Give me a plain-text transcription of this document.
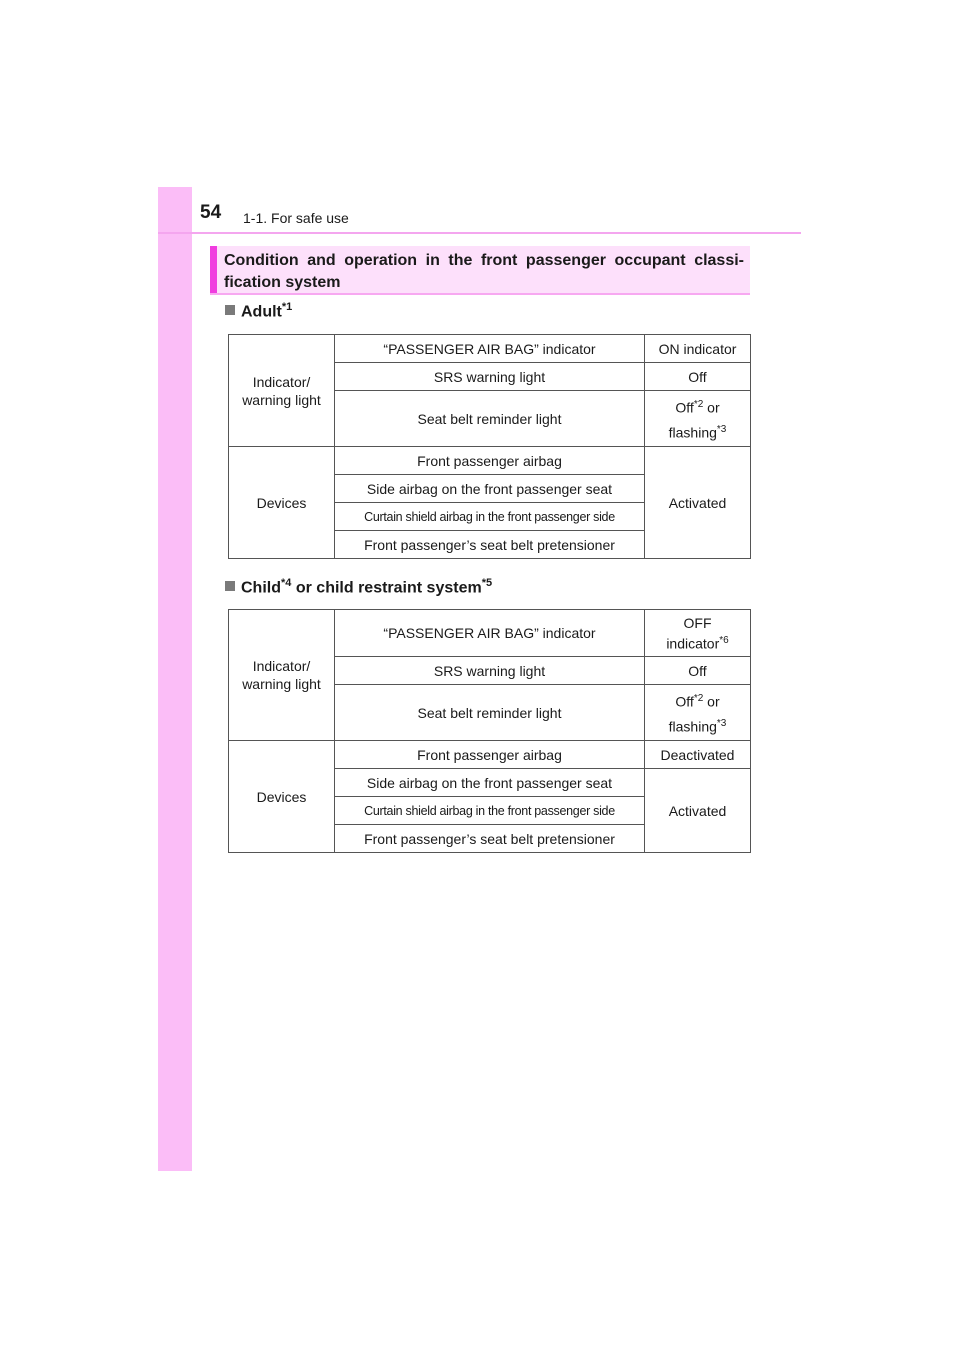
54 1-1. For safe use
Condition and operation in the front passenger occupant classi-fication system
Adult$^{*1}$
Indicator/ warning light	“PASSENGER AIR BAG” indicator	ON indicator
	SRS warning light	Off
	Seat belt reminder light	Off$^{*2}$ or
flashing$^{*3}$
Devices	Front passenger airbag	Activated
	Side airbag on the front passenger seat	
	Curtain shield airbag in the front passenger side	
	Front passenger’s seat belt pretensioner	
Child$^{*4}$ or child restraint system$^{*5}$
Indicator/ warning light	“PASSENGER AIR BAG” indicator	OFF
indicator$^{*6}$
	SRS warning light	Off
	Seat belt reminder light	Off$^{*2}$ or
flashing$^{*3}$
Devices	Front passenger airbag	Deactivated
	Side airbag on the front passenger seat	Activated
	Curtain shield airbag in the front passenger side	
	Front passenger’s seat belt pretensioner	
